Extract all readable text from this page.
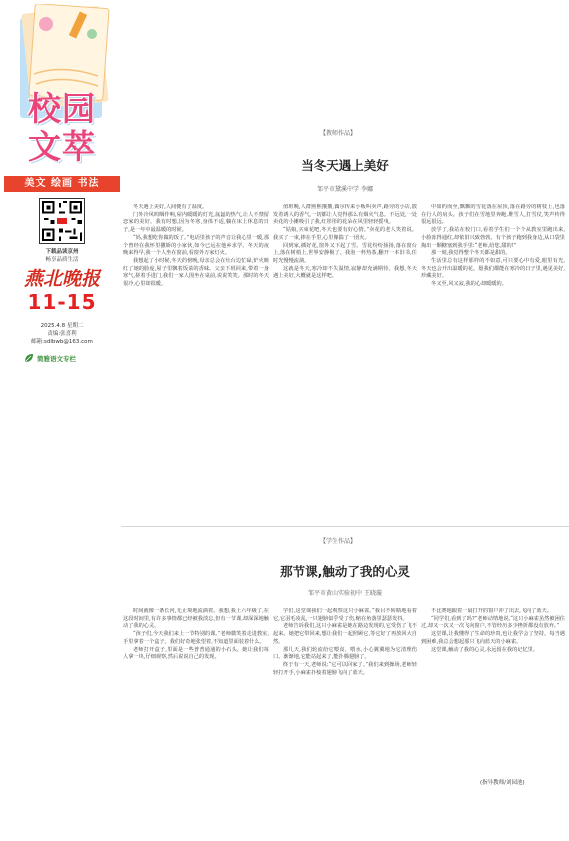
校园
文萃
美文 绘画 书法
下载品读京州
畅享品质生活
燕北晚报
11-15
2025.4.8 星期二
责编:张喜利
邮箱:sdlbwb@163.com
简雅语文专栏
【教师作品】
当冬天遇上美好
邹平市黛溪中学 李娜

冬天遇上美好,人间便有了温度。

门外冷风呜咽作响,屋内暖暖的灯光,氤氲的热气,让人不禁留恋家的美好。我有时想,因为冬寒,身体不适,躺在床上休息的日子,是一年中最温暖的时候。

“妈,我想吃你做的饭了。”电话里孩子的声音让我心里一暖,那个曾经在我怀里撒娇的小家伙,如今已远在他乡求学。冬天的夜晚来得早,我一个人坐在窗前,看窗外万家灯火。

我想起了小时候,冬天的傍晚,母亲总会在灶台边忙碌,炉火映红了她的脸庞,屋子里飘着饭菜的香味。父亲下班回来,带着一身寒气,搓着手进门,我们一家人围坐在桌前,说说笑笑。那时的冬天很冷,心里却很暖。

值班晚,人群熙熙攘攘,偶尔传来小贩叫卖声,路旁的小店,散发着诱人的香气,一切都让人觉得那么有烟火气息。不远处,一处卖花的小摊吸引了我,红彤彤的花朵在风里轻轻摇曳。

“姑娘,买束花吧,冬天也要有好心情。”卖花的老人笑着说。我买了一束,捧在手里,心里像揣了一团火。

回到家,插好花,窗外又下起了雪。雪花纷纷扬扬,落在窗台上,落在树梢上,世界安静极了。我泡一杯热茶,翻开一本旧书,任时光慢慢流淌。

这就是冬天,寒冷却不失温情,寂静却充满期待。我想,冬天遇上美好,大概就是这样吧。

中如约而至,飘飘的雪花落在屋顶,落在路旁的树枝上,也落在行人的肩头。孩子们在雪地里奔跑,堆雪人,打雪仗,笑声传得很远很远。

放学了,我站在校门口,看着学生们一个个从教室里跑出来,小脸冻得通红,却依旧兴致勃勃。有个孩子跑到我身边,从口袋里掏出一颗糖塞到我手里:“老师,给您,甜的!”

那一刻,我觉得整个冬天都是甜的。

生活里总有这样那样的不如意,可只要心中有爱,眼里有光,冬天也会开出温暖的花。愿我们都能在寒冷的日子里,遇见美好,珍藏美好。

冬又至,风又寂,我的心却暖暖的。

【学生作品】
那节课,触动了我的心灵
邹平市黄山实验初中 王晓璇

时间就像一条长河,无止境地流淌着。我想,我上六年级了,在这段时间里,有许多事情都已经被我淡忘,但有一节课,却深深地触动了我的心灵。

“孩子们,今天我们来上一节特别的课。”老师微笑着走进教室,手里拿着一个盒子。我们好奇地张望着,不知道里面装着什么。

老师打开盒子,里面是一些普普通通的小石头。她让我们每人拿一块,仔细观察,然后说说自己的发现。

学们,这堂课我们一起观察这只小麻雀。”我目不转睛地看着它,它羽毛凌乱,一只翅膀似乎受了伤,缩在角落里瑟瑟发抖。

老师告诉我们,这只小麻雀是她在路边发现的,它受伤了飞不起来。她把它带回来,想让我们一起照顾它,等它好了再放回大自然。

那几天,我们轮流给它喂食、喂水,小心翼翼地为它清理伤口。渐渐地,它能站起来了,能扑腾翅膀了。

终于有一天,老师说:“它可以回家了。”我们来到操场,老师轻轻打开手,小麻雀扑棱着翅膀飞向了蓝天。

不比赛地跟着一扇打开的窗户冲了出去,飞向了蓝天。

“同学们,看到了吗?”老师动情地说,“这只小麻雀虽然被困住过,却又一次又一次飞向窗户,不管经历多少挫折都没有放弃。”

这堂课,让我懂得了生命的珍贵,也让我学会了坚持。每当遇到困难,我总会想起那只飞向蓝天的小麻雀。

这堂课,触动了我的心灵,永远留在我的记忆里。

(指导教师/刘园池)
